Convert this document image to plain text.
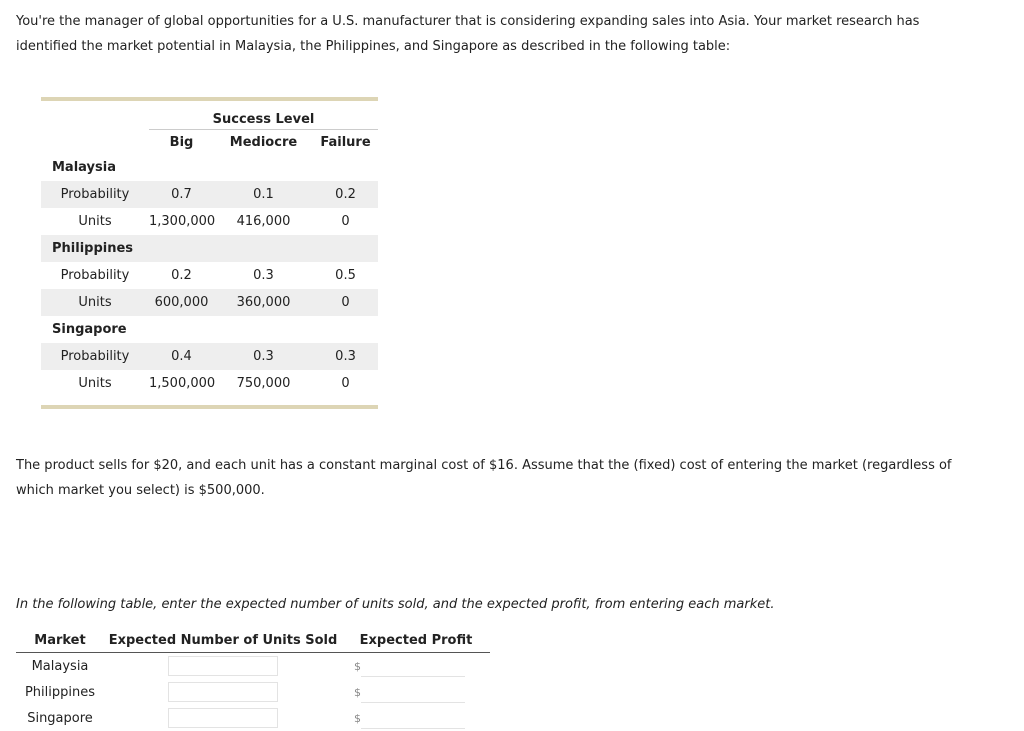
You're the manager of global opportunities for a U.S. manufacturer that is considering expanding sales into Asia. Your market research has identified the market potential in Malaysia, the Philippines, and Singapore as described in the following table:
	Success Level		
	Big	Mediocre	Failure
Malaysia			
Probability	0.7	0.1	0.2
Units	1,300,000	416,000	0
Philippines			
Probability	0.2	0.3	0.5
Units	600,000	360,000	0
Singapore			
Probability	0.4	0.3	0.3
Units	1,500,000	750,000	0
The product sells for $20, and each unit has a constant marginal cost of $16. Assume that the (fixed) cost of entering the market (regardless of which market you select) is $500,000.
In the following table, enter the expected number of units sold, and the expected profit, from entering each market.
Market	Expected Number of Units Sold	Expected Profit
Malaysia		$
Philippines		$
Singapore		$
